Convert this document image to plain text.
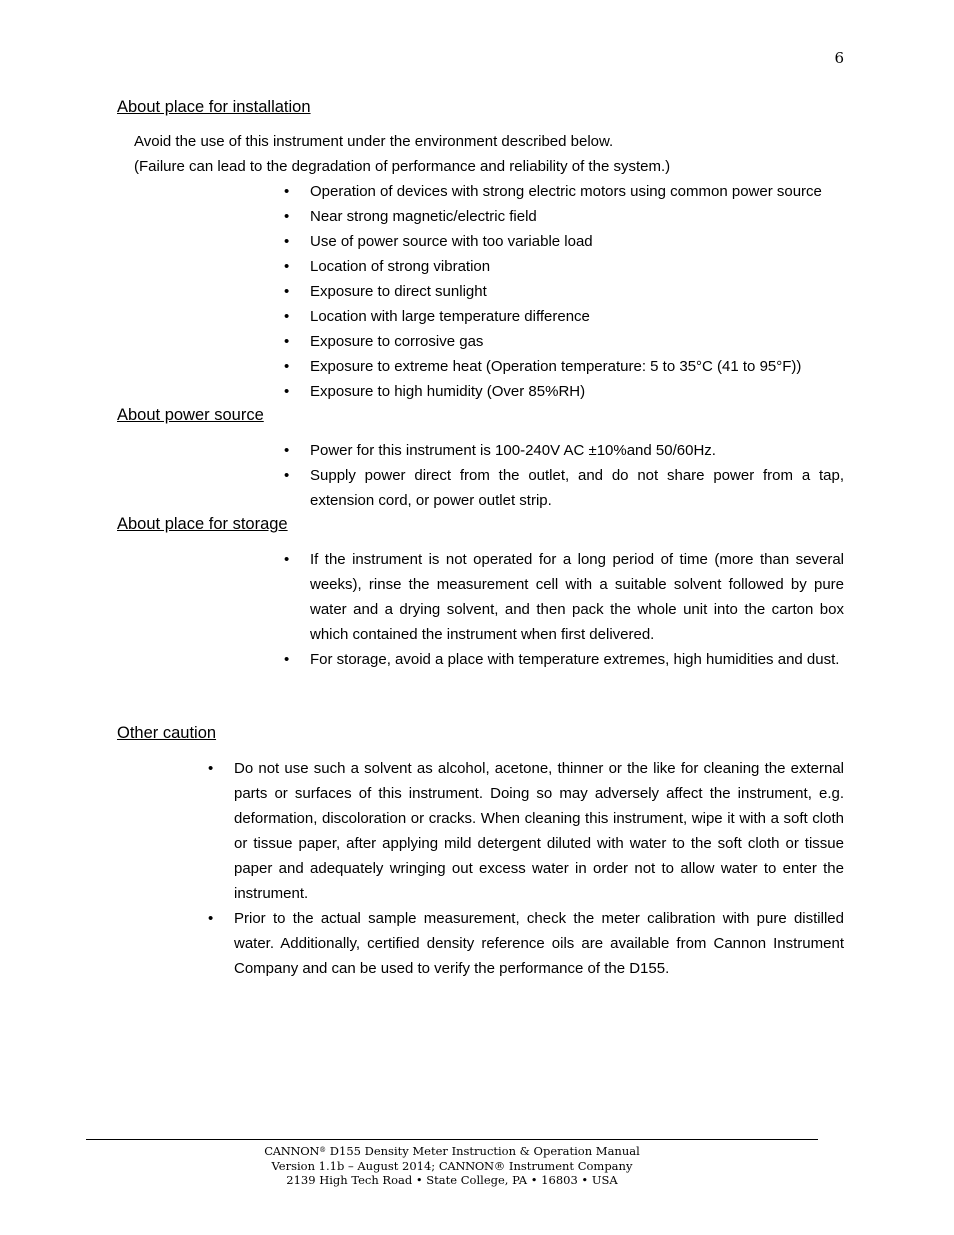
6
About place for installation
Avoid the use of this instrument under the environment described below.
(Failure can lead to the degradation of performance and reliability of the system.)
• Operation of devices with strong electric motors using common power source
• Near strong magnetic/electric field
• Use of power source with too variable load
• Location of strong vibration
• Exposure to direct sunlight
• Location with large temperature difference
• Exposure to corrosive gas
• Exposure to extreme heat (Operation temperature: 5 to 35°C (41 to 95°F))
• Exposure to high humidity (Over 85%RH)
About power source
• Power for this instrument is 100-240V AC ±10%and 50/60Hz.
• Supply power direct from the outlet, and do not share power from a tap, extension cord, or power outlet strip.
About place for storage
• If the instrument is not operated for a long period of time (more than several weeks), rinse the measurement cell with a suitable solvent followed by pure water and a drying solvent, and then pack the whole unit into the carton box which contained the instrument when first delivered.
• For storage, avoid a place with temperature extremes, high humidities and dust.
Other caution
• Do not use such a solvent as alcohol, acetone, thinner or the like for cleaning the external parts or surfaces of this instrument. Doing so may adversely affect the instrument, e.g. deformation, discoloration or cracks. When cleaning this instrument, wipe it with a soft cloth or tissue paper, after applying mild detergent diluted with water to the soft cloth or tissue paper and adequately wringing out excess water in order not to allow water to enter the instrument.
• Prior to the actual sample measurement, check the meter calibration with pure distilled water. Additionally, certified density reference oils are available from Cannon Instrument Company and can be used to verify the performance of the D155.
CANNON® D155 Density Meter Instruction & Operation Manual
Version 1.1b – August 2014; CANNON® Instrument Company
2139 High Tech Road • State College, PA • 16803 • USA
